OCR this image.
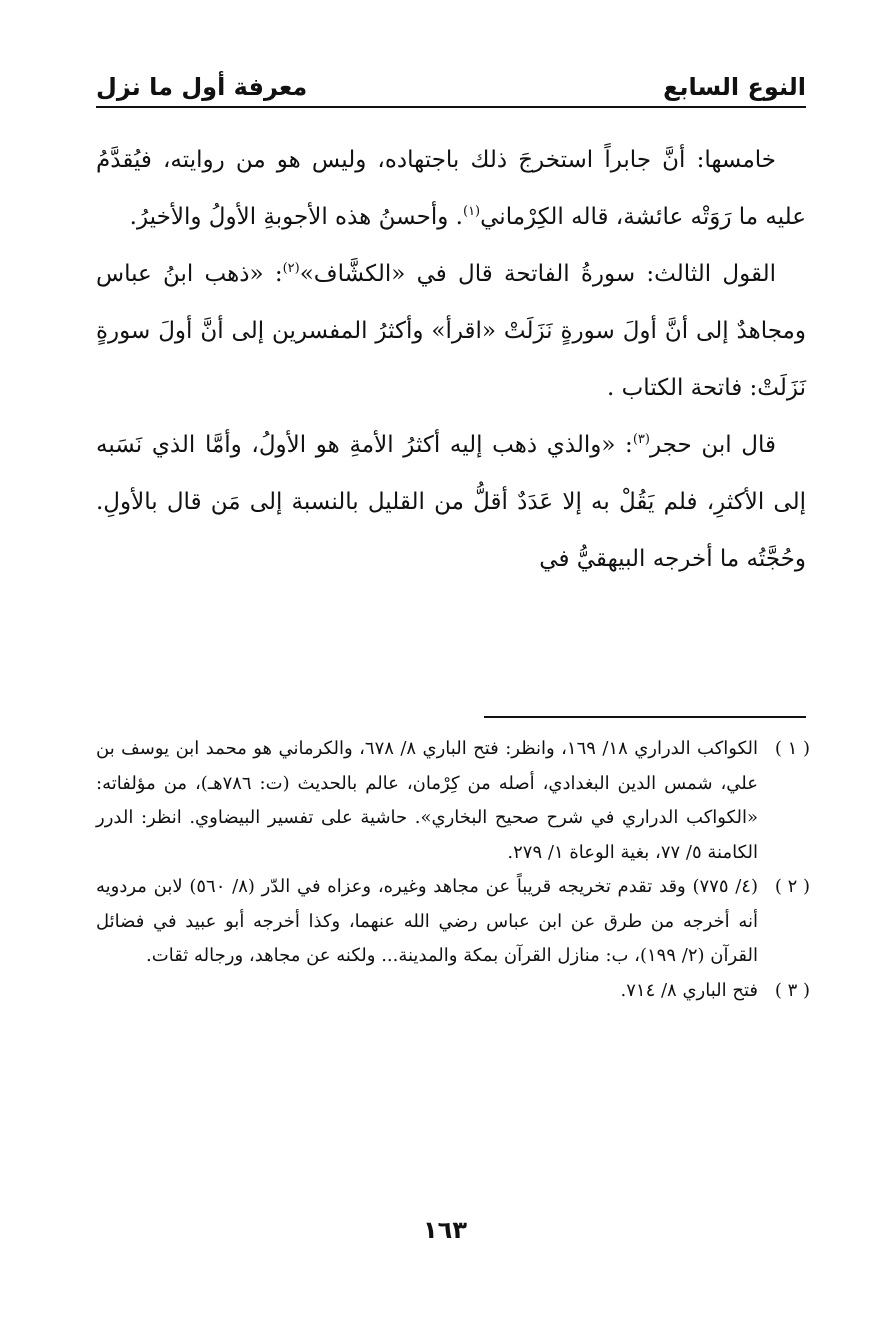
النوع السابع
معرفة أول ما نزل

خامسها: أنَّ جابراً استخرجَ ذلك باجتهاده، وليس هو من روايته، فيُقدَّمُ عليه ما رَوَتْه عائشة، قاله الكِرْماني$^{(١)}$. وأحسنُ هذه الأجوبةِ الأولُ والأخيرُ.

القول الثالث: سورةُ الفاتحة قال في «الكشَّاف»$^{(٢)}$: «ذهب ابنُ عباس ومجاهدٌ إلى أنَّ أولَ سورةٍ نَزَلَتْ «اقرأ» وأكثرُ المفسرين إلى أنَّ أولَ سورةٍ نَزَلَتْ: فاتحة الكتاب .

قال ابن حجر$^{(٣)}$: «والذي ذهب إليه أكثرُ الأمةِ هو الأولُ، وأمَّا الذي نَسَبه إلى الأكثرِ، فلم يَقُلْ به إلا عَدَدٌ أقلُّ من القليل بالنسبة إلى مَن قال بالأولِ. وحُجَّتُه ما أخرجه البيهقيُّ في

( ١ )
الكواكب الدراري ١٨/ ١٦٩، وانظر: فتح الباري ٨/ ٦٧٨، والكرماني هو محمد ابن يوسف بن علي، شمس الدين البغدادي، أصله من كِرْمان، عالم بالحديث (ت: ٧٨٦هـ)، من مؤلفاته: «الكواكب الدراري في شرح صحيح البخاري». حاشية على تفسير البيضاوي. انظر: الدرر الكامنة ٥/ ٧٧، بغية الوعاة ١/ ٢٧٩.
( ٢ )
(٤/ ٧٧٥) وقد تقدم تخريجه قريباً عن مجاهد وغيره، وعزاه في الدّر (٨/ ٥٦٠) لابن مردويه أنه أخرجه من طرق عن ابن عباس رضي الله عنهما، وكذا أخرجه أبو عبيد في فضائل القرآن (٢/ ١٩٩)، ب: منازل القرآن بمكة والمدينة... ولكنه عن مجاهد، ورجاله ثقات.
( ٣ )
فتح الباري ٨/ ٧١٤.
١٦٣
